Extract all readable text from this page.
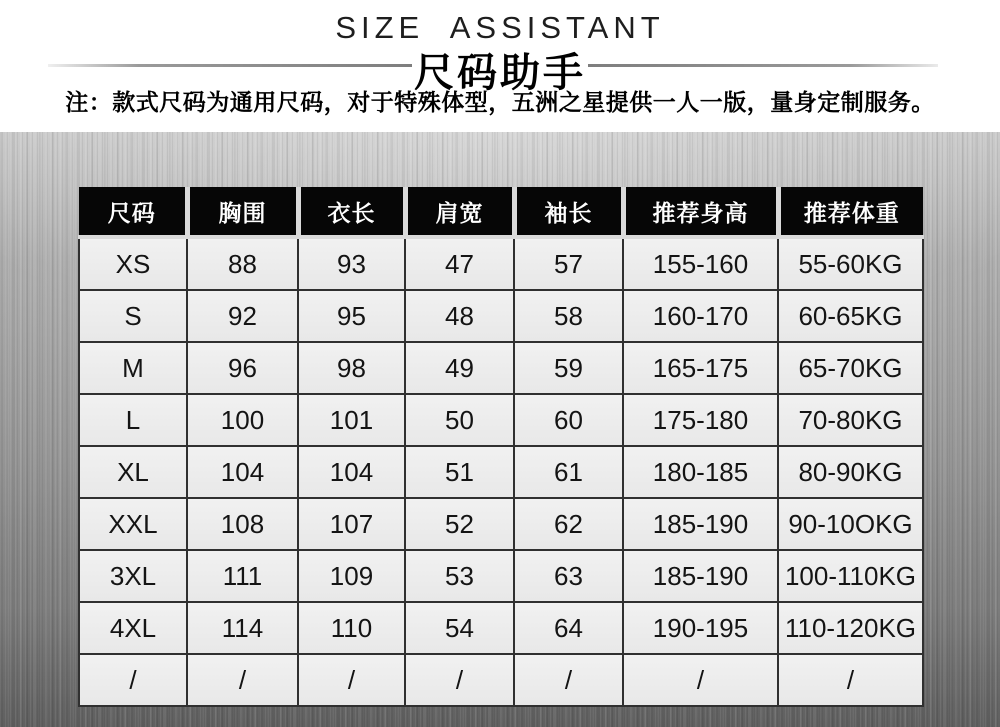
SIZE  ASSISTANT
尺码助手

注：款式尺码为通用尺码，对于特殊体型，五洲之星提供一人一版，量身定制服务。

尺码	胸围	衣长	肩宽	袖长	推荐身高	推荐体重
XS	88	93	47	57	155-160	55-60KG
S	92	95	48	58	160-170	60-65KG
M	96	98	49	59	165-175	65-70KG
L	100	101	50	60	175-180	70-80KG
XL	104	104	51	61	180-185	80-90KG
XXL	108	107	52	62	185-190	90-10OKG
3XL	111	109	53	63	185-190	100-110KG
4XL	114	110	54	64	190-195	110-120KG
/	/	/	/	/	/	/
